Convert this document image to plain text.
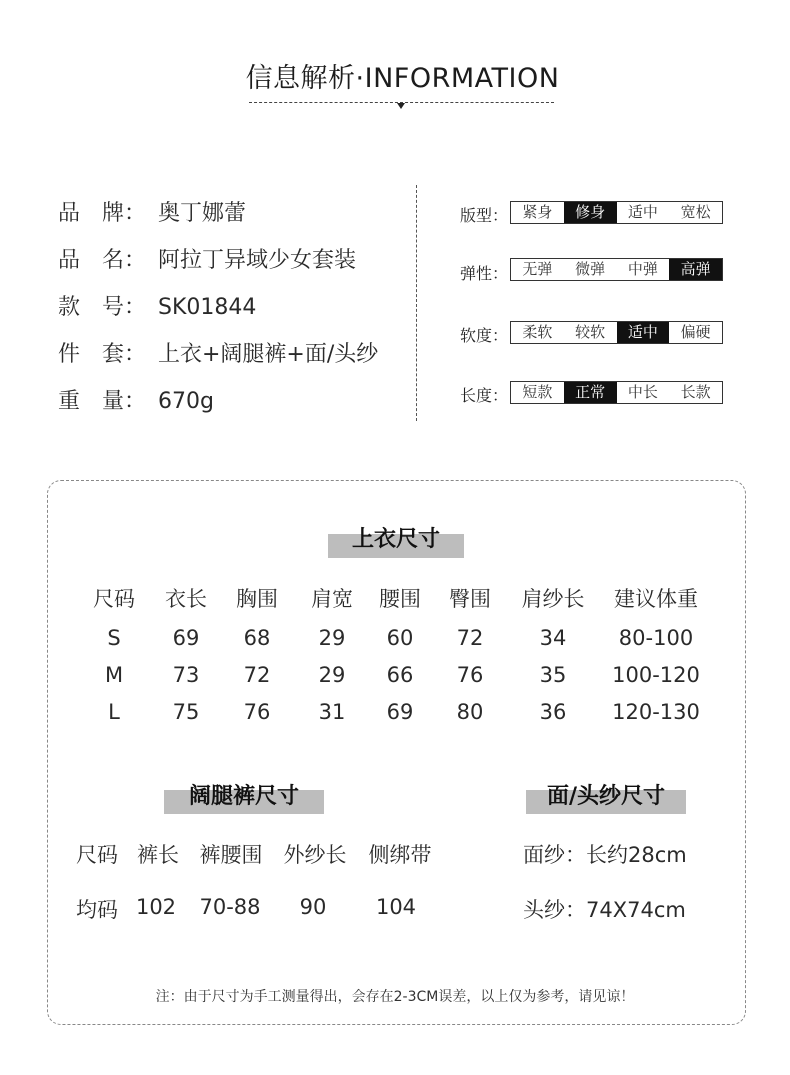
信息解析·INFORMATION
品　牌： 奥丁娜蕾
品　名： 阿拉丁异域少女套装
款　号： SK01844
件　套： 上衣+阔腿裤+面/头纱
重　量： 670g
版型： 紧身	修身	适中	宽松
弹性： 无弹	微弹	中弹	高弹
软度： 柔软	较软	适中	偏硬
长度： 短款	正常	中长	长款
上衣尺寸
尺码 衣长 胸围 肩宽 腰围 臀围 肩纱长 建议体重
S 69 68 29 60 72	34 80-100
M 73 72 29 66 76	35 100-120
L	75 76 31 69 80	36 120-130
阔腿裤尺寸
尺码 裤长 裤腰围 外纱长 侧绑带
均码 102 70-88 90 104
面/头纱尺寸
面纱：长约28cm
头纱：74X74cm
注：由于尺寸为手工测量得出，会存在2-3CM误差，以上仅为参考，请见谅！
